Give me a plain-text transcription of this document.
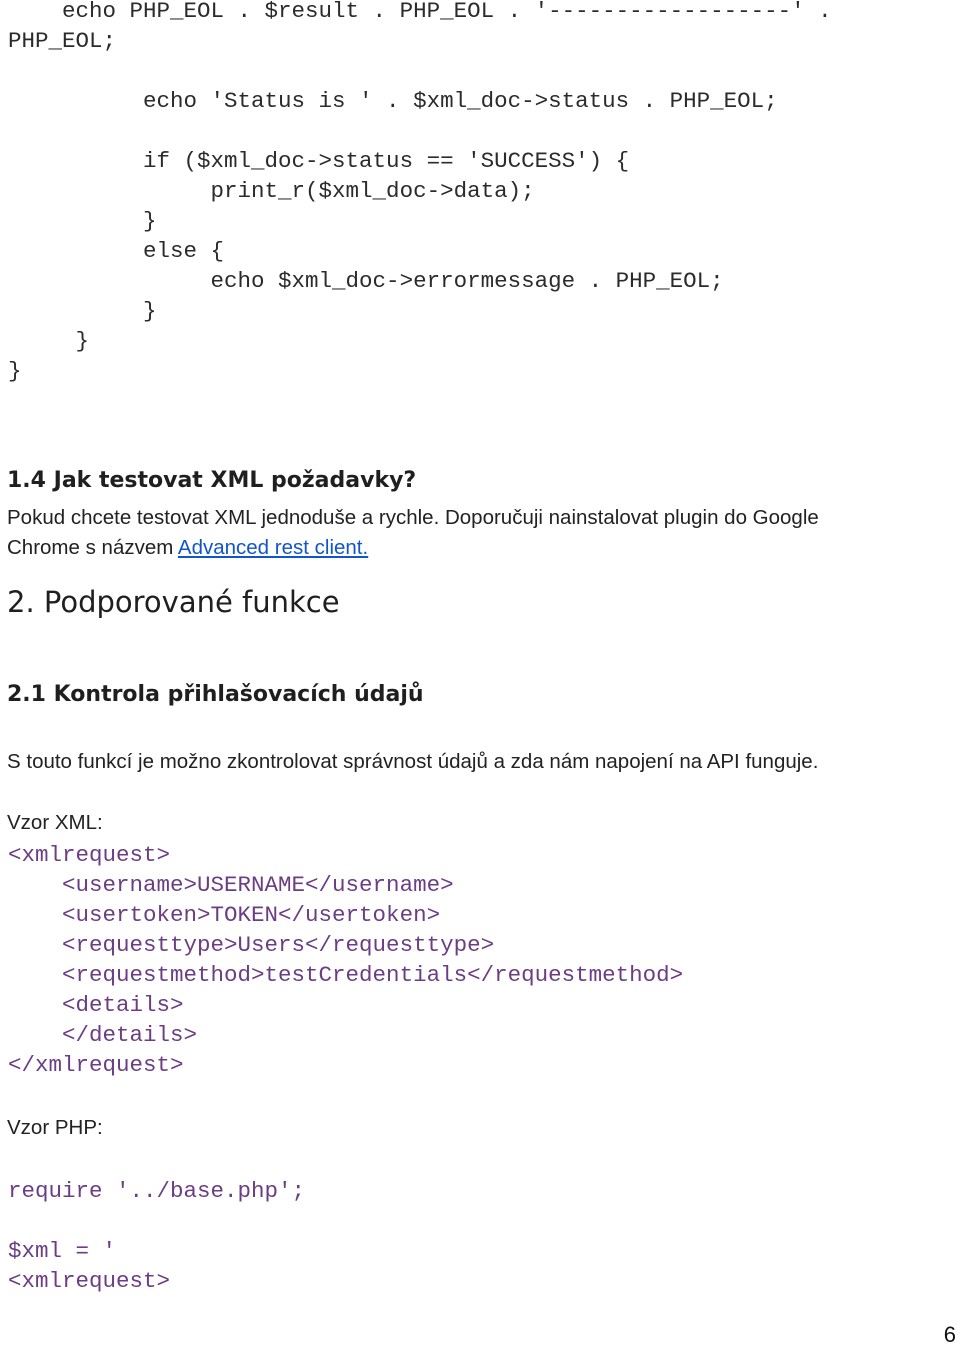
echo PHP_EOL . $result . PHP_EOL . '------------------' .
PHP_EOL;

echo 'Status is ' . $xml_doc->status . PHP_EOL;

if ($xml_doc->status == 'SUCCESS') {
print_r($xml_doc->data);
}
else {
echo $xml_doc->errormessage . PHP_EOL;
}
}
}
1.4 Jak testovat XML požadavky?
Pokud chcete testovat XML jednoduše a rychle. Doporučuji nainstalovat plugin do Google
Chrome s názvem Advanced rest client.
2. Podporované funkce
2.1 Kontrola přihlašovacích údajů
S touto funkcí je možno zkontrolovat správnost údajů a zda nám napojení na API funguje.
Vzor XML:
<xmlrequest>
<username>USERNAME</username>
<usertoken>TOKEN</usertoken>
<requesttype>Users</requesttype>
<requestmethod>testCredentials</requestmethod>
<details>
</details>
</xmlrequest>
Vzor PHP:
require '../base.php';
$xml = '
<xmlrequest>
6
